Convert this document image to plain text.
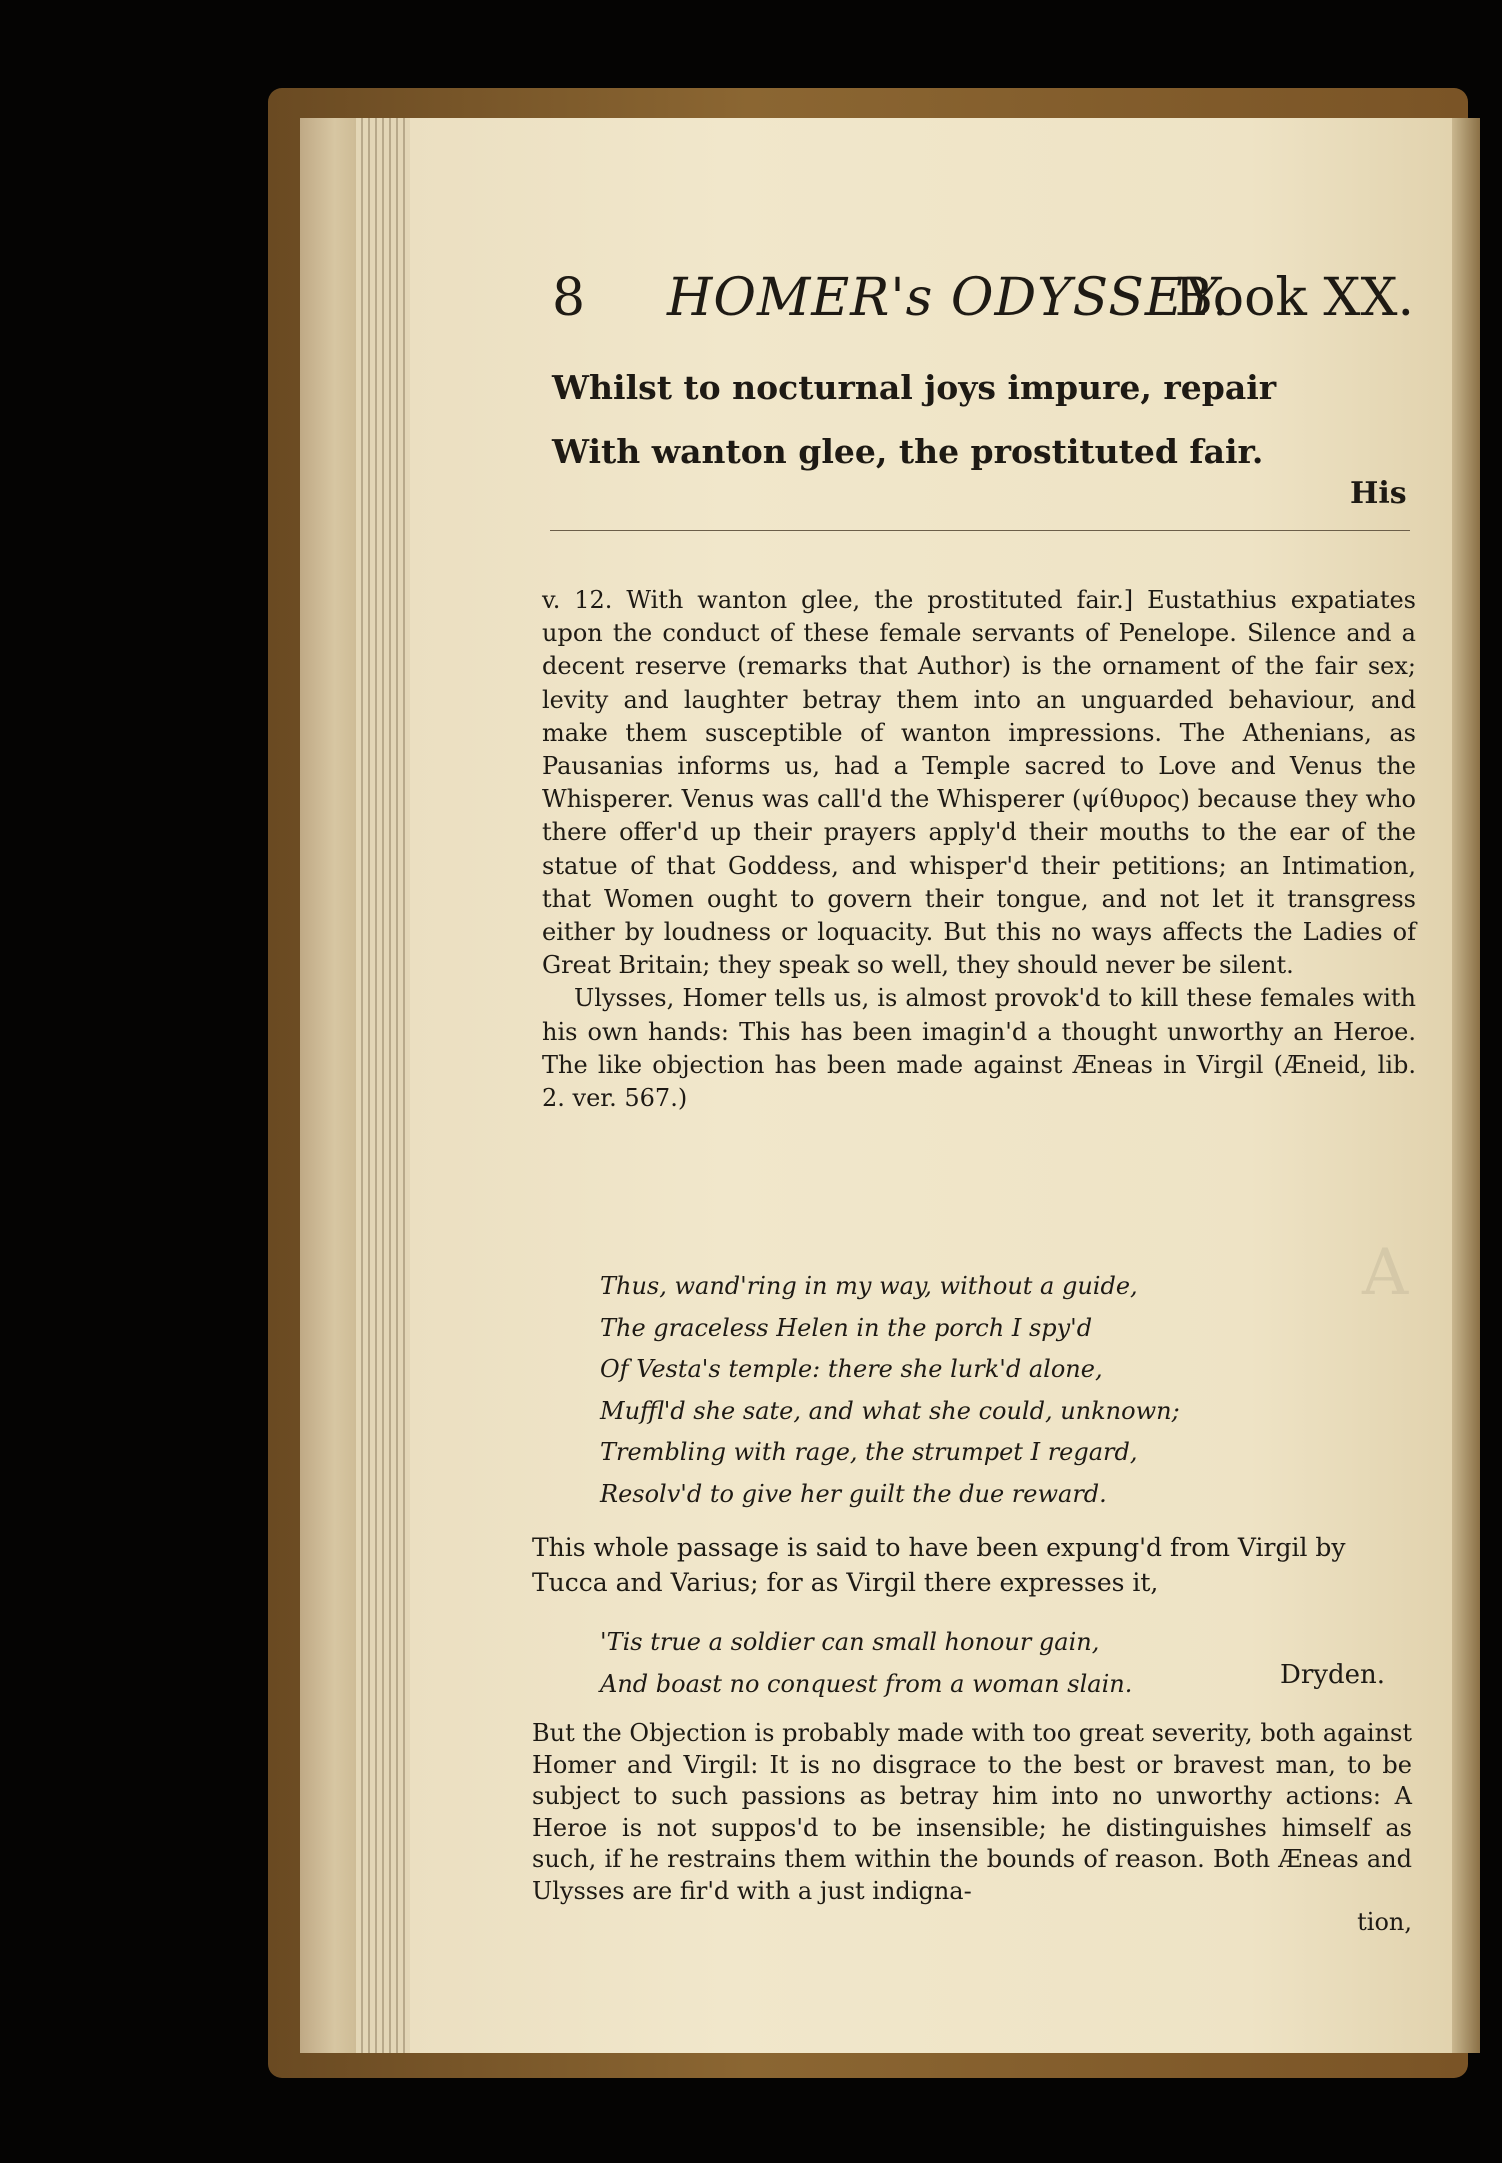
A
8 HOMER's ODYSSEY.
Book XX.
Whilst to nocturnal joys impure, repair
With wanton glee, the prostituted fair.
His

v. 12. With wanton glee, the prostituted fair.] Eustathius expatiates upon the conduct of these female servants of Penelope. Silence and a decent reserve (remarks that Author) is the ornament of the fair sex; levity and laughter betray them into an unguarded behaviour, and make them susceptible of wanton impressions. The Athenians, as Pausanias informs us, had a Temple sacred to Love and Venus the Whisperer. Venus was call'd the Whisperer (ψίθυρος) because they who there offer'd up their prayers apply'd their mouths to the ear of the statue of that Goddess, and whisper'd their petitions; an Intimation, that Women ought to govern their tongue, and not let it transgress either by loudness or loquacity. But this no ways affects the Ladies of Great Britain; they speak so well, they should never be silent.

Ulysses, Homer tells us, is almost provok'd to kill these females with his own hands: This has been imagin'd a thought unworthy an Heroe. The like objection has been made against Æneas in Virgil (Æneid, lib. 2. ver. 567.)

Thus, wand'ring in my way, without a guide,
The graceless Helen in the porch I spy'd
Of Vesta's temple: there she lurk'd alone,
Muffl'd she sate, and what she could, unknown;
Trembling with rage, the strumpet I regard,
Resolv'd to give her guilt the due reward.
This whole passage is said to have been expung'd from Virgil by Tucca and Varius; for as Virgil there expresses it,
'Tis true a soldier can small honour gain,
And boast no conquest from a woman slain.	Dryden.

But the Objection is probably made with too great severity, both against Homer and Virgil: It is no disgrace to the best or bravest man, to be subject to such passions as betray him into no unworthy actions: A Heroe is not suppos'd to be insensible; he distinguishes himself as such, if he restrains them within the bounds of reason. Both Æneas and Ulysses are fir'd with a just indigna-

tion,
